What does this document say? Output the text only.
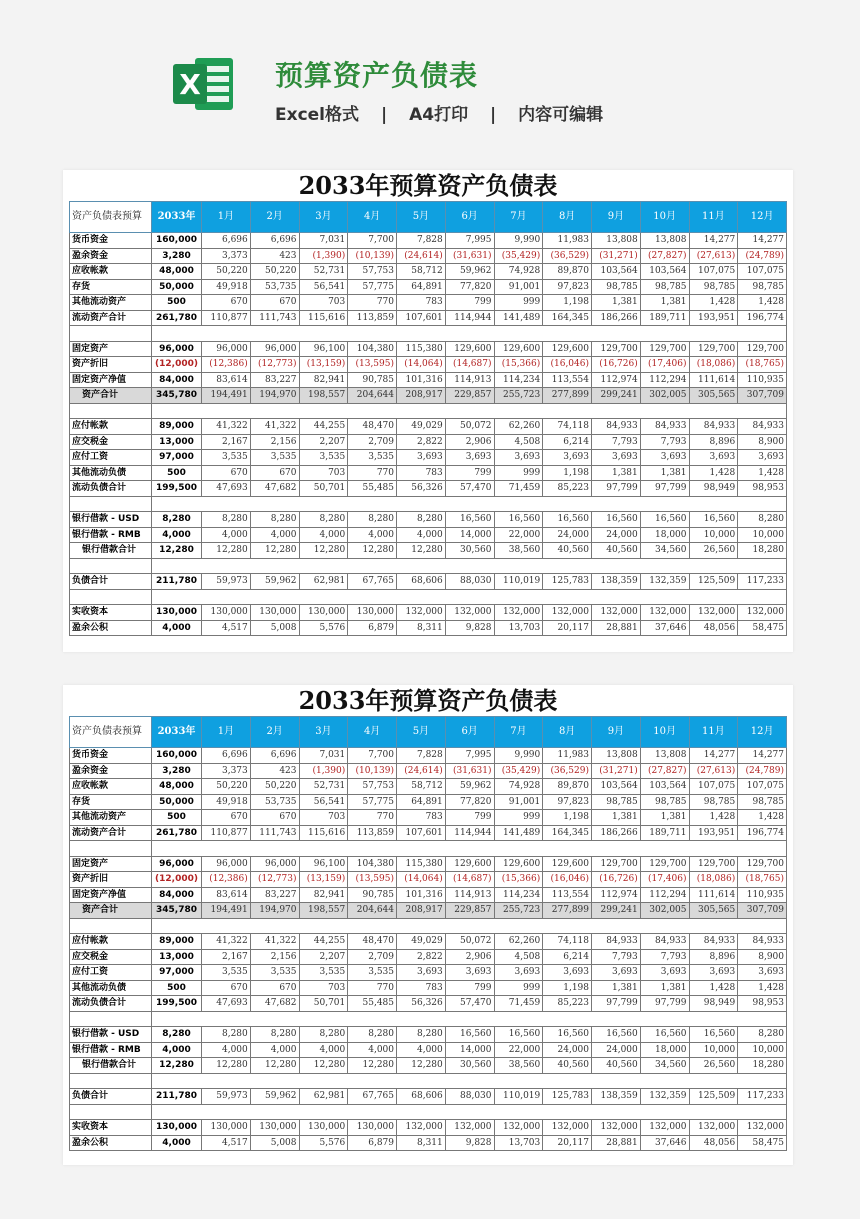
X	预算资产负债表
Excel格式 | A4打印 | 内容可编辑
2033年预算资产负债表
资产负债表预算	2033年	1月	2月	3月	4月	5月	6月	7月	8月	9月	10月	11月	12月
货币资金	160,000	6,696	6,696	7,031	7,700	7,828	7,995	9,990	11,983	13,808	13,808	14,277	14,277
盈余资金	3,280	3,373	423	(1,390)	(10,139)	(24,614)	(31,631)	(35,429)	(36,529)	(31,271)	(27,827)	(27,613)	(24,789)
应收帐款	48,000	50,220	50,220	52,731	57,753	58,712	59,962	74,928	89,870	103,564	103,564	107,075	107,075
存货	50,000	49,918	53,735	56,541	57,775	64,891	77,820	91,001	97,823	98,785	98,785	98,785	98,785
其他流动资产	500	670	670	703	770	783	799	999	1,198	1,381	1,381	1,428	1,428
流动资产合计	261,780	110,877	111,743	115,616	113,859	107,601	114,944	141,489	164,345	186,266	189,711	193,951	196,774

固定资产	96,000	96,000	96,000	96,100	104,380	115,380	129,600	129,600	129,600	129,700	129,700	129,700	129,700
资产折旧	(12,000)	(12,386)	(12,773)	(13,159)	(13,595)	(14,064)	(14,687)	(15,366)	(16,046)	(16,726)	(17,406)	(18,086)	(18,765)
固定资产净值	84,000	83,614	83,227	82,941	90,785	101,316	114,913	114,234	113,554	112,974	112,294	111,614	110,935
资产合计	345,780	194,491	194,970	198,557	204,644	208,917	229,857	255,723	277,899	299,241	302,005	305,565	307,709

应付帐款	89,000	41,322	41,322	44,255	48,470	49,029	50,072	62,260	74,118	84,933	84,933	84,933	84,933
应交税金	13,000	2,167	2,156	2,207	2,709	2,822	2,906	4,508	6,214	7,793	7,793	8,896	8,900
应付工资	97,000	3,535	3,535	3,535	3,535	3,693	3,693	3,693	3,693	3,693	3,693	3,693	3,693
其他流动负债	500	670	670	703	770	783	799	999	1,198	1,381	1,381	1,428	1,428
流动负债合计	199,500	47,693	47,682	50,701	55,485	56,326	57,470	71,459	85,223	97,799	97,799	98,949	98,953

银行借款 - USD	8,280	8,280	8,280	8,280	8,280	8,280	16,560	16,560	16,560	16,560	16,560	16,560	8,280
银行借款 - RMB	4,000	4,000	4,000	4,000	4,000	4,000	14,000	22,000	24,000	24,000	18,000	10,000	10,000
银行借款合计	12,280	12,280	12,280	12,280	12,280	12,280	30,560	38,560	40,560	40,560	34,560	26,560	18,280

负债合计	211,780	59,973	59,962	62,981	67,765	68,606	88,030	110,019	125,783	138,359	132,359	125,509	117,233

实收资本	130,000	130,000	130,000	130,000	130,000	132,000	132,000	132,000	132,000	132,000	132,000	132,000	132,000
盈余公积	4,000	4,517	5,008	5,576	6,879	8,311	9,828	13,703	20,117	28,881	37,646	48,056	58,475
2033年预算资产负债表
资产负债表预算	2033年	1月	2月	3月	4月	5月	6月	7月	8月	9月	10月	11月	12月
货币资金	160,000	6,696	6,696	7,031	7,700	7,828	7,995	9,990	11,983	13,808	13,808	14,277	14,277
盈余资金	3,280	3,373	423	(1,390)	(10,139)	(24,614)	(31,631)	(35,429)	(36,529)	(31,271)	(27,827)	(27,613)	(24,789)
应收帐款	48,000	50,220	50,220	52,731	57,753	58,712	59,962	74,928	89,870	103,564	103,564	107,075	107,075
存货	50,000	49,918	53,735	56,541	57,775	64,891	77,820	91,001	97,823	98,785	98,785	98,785	98,785
其他流动资产	500	670	670	703	770	783	799	999	1,198	1,381	1,381	1,428	1,428
流动资产合计	261,780	110,877	111,743	115,616	113,859	107,601	114,944	141,489	164,345	186,266	189,711	193,951	196,774

固定资产	96,000	96,000	96,000	96,100	104,380	115,380	129,600	129,600	129,600	129,700	129,700	129,700	129,700
资产折旧	(12,000)	(12,386)	(12,773)	(13,159)	(13,595)	(14,064)	(14,687)	(15,366)	(16,046)	(16,726)	(17,406)	(18,086)	(18,765)
固定资产净值	84,000	83,614	83,227	82,941	90,785	101,316	114,913	114,234	113,554	112,974	112,294	111,614	110,935
资产合计	345,780	194,491	194,970	198,557	204,644	208,917	229,857	255,723	277,899	299,241	302,005	305,565	307,709

应付帐款	89,000	41,322	41,322	44,255	48,470	49,029	50,072	62,260	74,118	84,933	84,933	84,933	84,933
应交税金	13,000	2,167	2,156	2,207	2,709	2,822	2,906	4,508	6,214	7,793	7,793	8,896	8,900
应付工资	97,000	3,535	3,535	3,535	3,535	3,693	3,693	3,693	3,693	3,693	3,693	3,693	3,693
其他流动负债	500	670	670	703	770	783	799	999	1,198	1,381	1,381	1,428	1,428
流动负债合计	199,500	47,693	47,682	50,701	55,485	56,326	57,470	71,459	85,223	97,799	97,799	98,949	98,953

银行借款 - USD	8,280	8,280	8,280	8,280	8,280	8,280	16,560	16,560	16,560	16,560	16,560	16,560	8,280
银行借款 - RMB	4,000	4,000	4,000	4,000	4,000	4,000	14,000	22,000	24,000	24,000	18,000	10,000	10,000
银行借款合计	12,280	12,280	12,280	12,280	12,280	12,280	30,560	38,560	40,560	40,560	34,560	26,560	18,280

负债合计	211,780	59,973	59,962	62,981	67,765	68,606	88,030	110,019	125,783	138,359	132,359	125,509	117,233

实收资本	130,000	130,000	130,000	130,000	130,000	132,000	132,000	132,000	132,000	132,000	132,000	132,000	132,000
盈余公积	4,000	4,517	5,008	5,576	6,879	8,311	9,828	13,703	20,117	28,881	37,646	48,056	58,475
